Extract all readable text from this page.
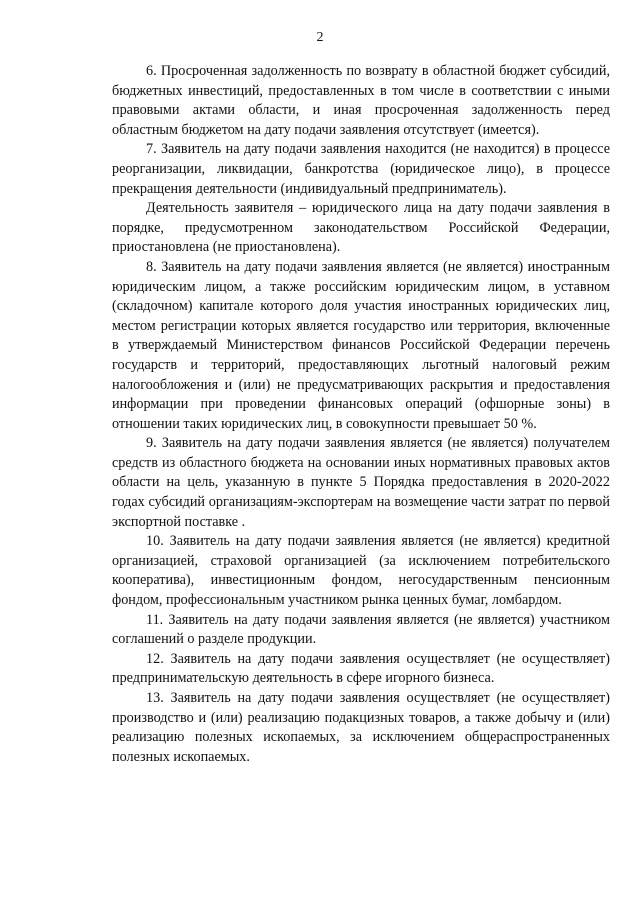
2

6. Просроченная задолженность по возврату в областной бюджет субсидий, бюджетных инвестиций, предоставленных в том числе в соответствии с иными правовыми актами области, и иная просроченная задолженность перед областным бюджетом на дату подачи заявления отсутствует (имеется).

7. Заявитель на дату подачи заявления находится (не находится) в процессе реорганизации, ликвидации, банкротства (юридическое лицо), в процессе прекращения деятельности (индивидуальный предприниматель).

Деятельность заявителя – юридического лица на дату подачи заявления в порядке, предусмотренном законодательством Российской Федерации, приостановлена (не приостановлена).

8. Заявитель на дату подачи заявления является (не является) иностранным юридическим лицом, а также российским юридическим лицом, в уставном (складочном) капитале которого доля участия иностранных юридических лиц, местом регистрации которых является государство или территория, включенные в утверждаемый Министерством финансов Российской Федерации перечень государств и территорий, предоставляющих льготный налоговый режим налогообложения и (или) не предусматривающих раскрытия и предоставления информации при проведении финансовых операций (офшорные зоны) в отношении таких юридических лиц, в совокупности превышает 50 %.

9. Заявитель на дату подачи заявления является (не является) получателем средств из областного бюджета на основании иных нормативных правовых актов области на цель, указанную в пункте 5 Порядка предоставления в 2020-2022 годах субсидий организациям-экспортерам на возмещение части затрат по первой экспортной поставке .

10. Заявитель на дату подачи заявления является (не является) кредитной организацией, страховой организацией (за исключением потребительского кооператива), инвестиционным фондом, негосударственным пенсионным фондом, профессиональным участником рынка ценных бумаг, ломбардом.

11. Заявитель на дату подачи заявления является (не является) участником соглашений о разделе продукции.

12. Заявитель на дату подачи заявления осуществляет (не осуществляет) предпринимательскую деятельность в сфере игорного бизнеса.

13. Заявитель на дату подачи заявления осуществляет (не осуществляет) производство и (или) реализацию подакцизных товаров, а также добычу и (или) реализацию полезных ископаемых, за исключением общераспространенных полезных ископаемых.
